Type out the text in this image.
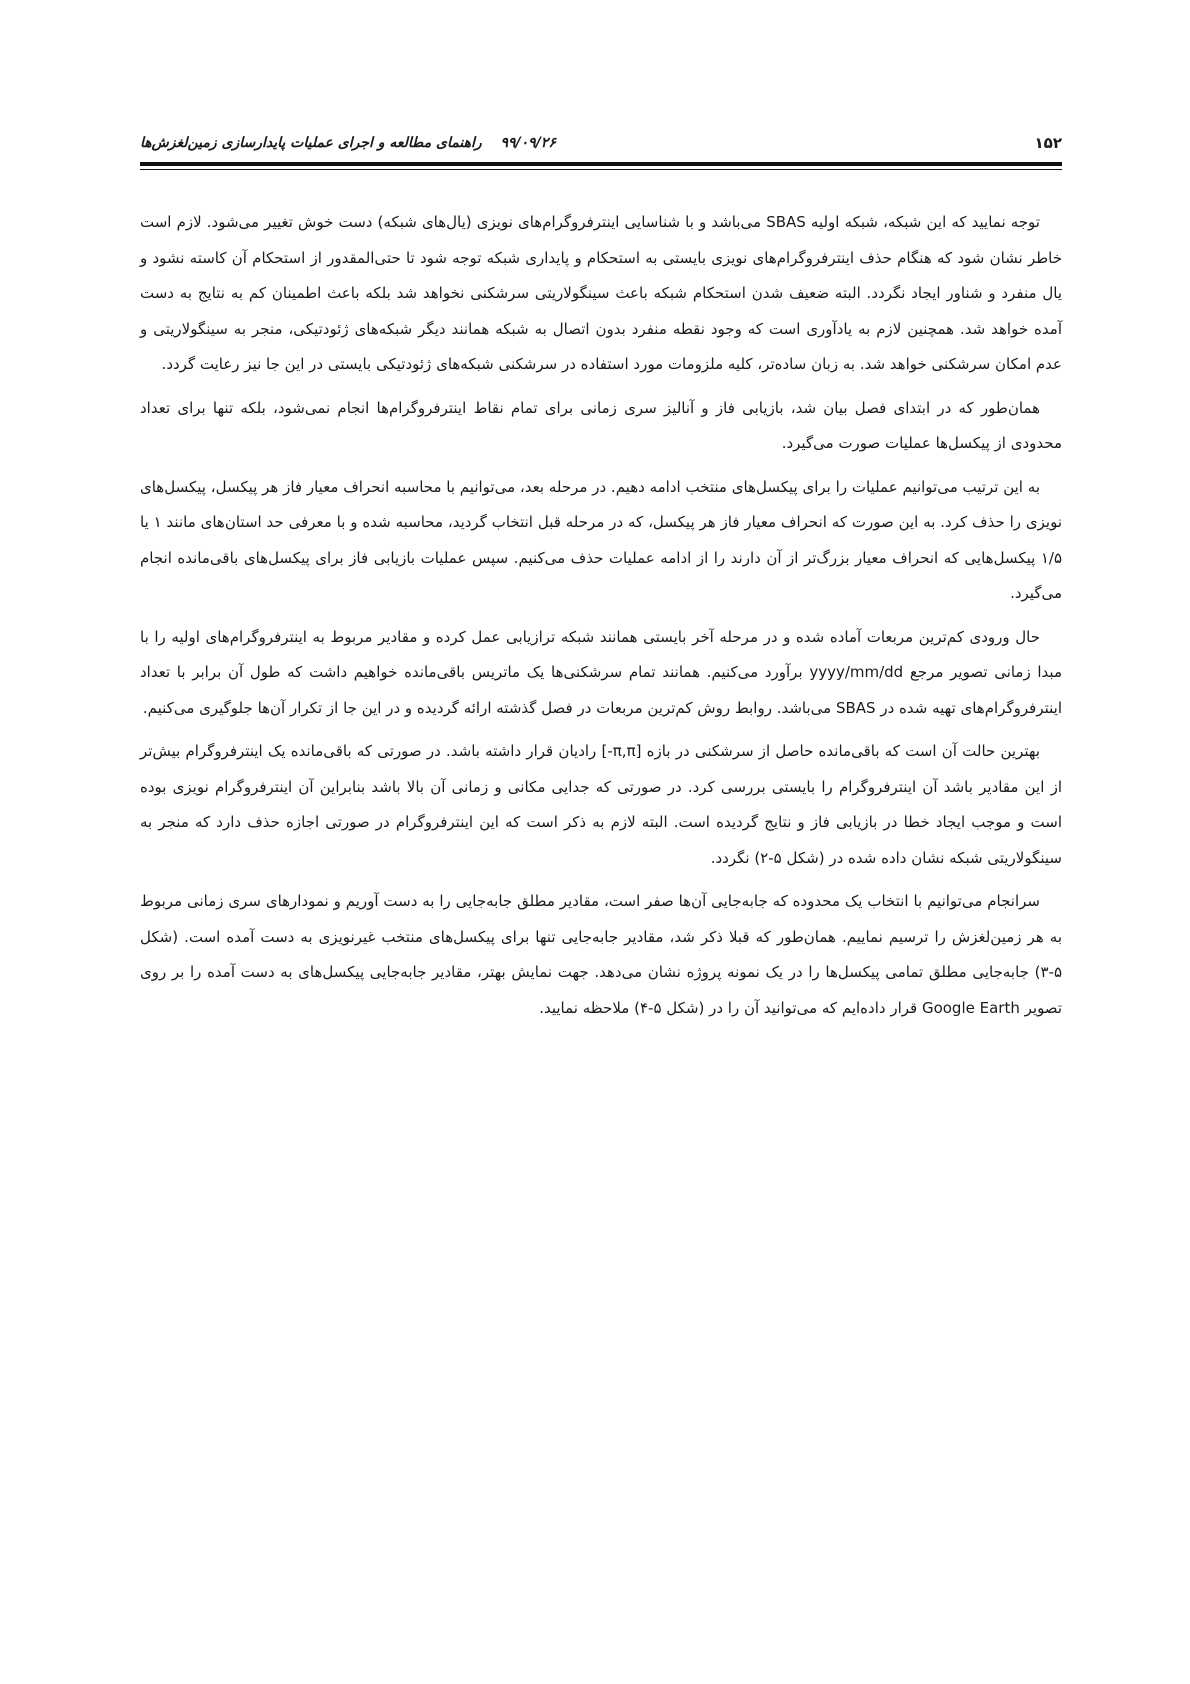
۱۵۲
۹۹/۰۹/۲۶ راهنمای مطالعه و اجرای عملیات پایدارسازی زمین‌لغزش‌ها

توجه نمایید که این شبکه، شبکه اولیه SBAS می‌باشد و با شناسایی اینترفروگرام‌های نویزی (یال‌های شبکه) دست خوش تغییر می‌شود. لازم است خاطر نشان شود که هنگام حذف اینترفروگرام‌های نویزی بایستی به استحکام و پایداری شبکه توجه شود تا حتی‌المقدور از استحکام آن کاسته نشود و یال منفرد و شناور ایجاد نگردد. البته ضعیف شدن استحکام شبکه باعث سینگولاریتی سرشکنی نخواهد شد بلکه باعث اطمینان کم به نتایج به دست آمده خواهد شد. همچنین لازم به یادآوری است که وجود نقطه منفرد بدون اتصال به شبکه همانند دیگر شبکه‌های ژئودتیکی، منجر به سینگولاریتی و عدم امکان سرشکنی خواهد شد. به زبان ساده‌تر، کلیه ملزومات مورد استفاده در سرشکنی شبکه‌های ژئودتیکی بایستی در این جا نیز رعایت گردد.

همان‌طور که در ابتدای فصل بیان شد، بازیابی فاز و آنالیز سری زمانی برای تمام نقاط اینترفروگرام‌ها انجام نمی‌شود، بلکه تنها برای تعداد محدودی از پیکسل‌ها عملیات صورت می‌گیرد.

به این ترتیب می‌توانیم عملیات را برای پیکسل‌های منتخب ادامه دهیم. در مرحله بعد، می‌توانیم با محاسبه انحراف معیار فاز هر پیکسل، پیکسل‌های نویزی را حذف کرد. به این صورت که انحراف معیار فاز هر پیکسل، که در مرحله قبل انتخاب گردید، محاسبه شده و با معرفی حد استان‌های مانند ۱ یا ۱/۵ پیکسل‌هایی که انحراف معیار بزرگ‌تر از آن دارند را از ادامه عملیات حذف می‌کنیم. سپس عملیات بازیابی فاز برای پیکسل‌های باقی‌مانده انجام می‌گیرد.

حال ورودی کم‌ترین مربعات آماده شده و در مرحله آخر بایستی همانند شبکه ترازیابی عمل کرده و مقادیر مربوط به اینترفروگرام‌های اولیه را با مبدا زمانی تصویر مرجع yyyy/mm/dd برآورد می‌کنیم. همانند تمام سرشکنی‌ها یک ماتریس باقی‌مانده خواهیم داشت که طول آن برابر با تعداد اینترفروگرام‌های تهیه شده در SBAS می‌باشد. روابط روش کم‌ترین مربعات در فصل گذشته ارائه گردیده و در این جا از تکرار آن‌ها جلوگیری می‌کنیم.

بهترین حالت آن است که باقی‌مانده حاصل از سرشکنی در بازه [π,π-] رادیان قرار داشته باشد. در صورتی که باقی‌مانده یک اینترفروگرام بیش‌تر از این مقادیر باشد آن اینترفروگرام را بایستی بررسی کرد. در صورتی که جدایی مکانی و زمانی آن بالا باشد بنابراین آن اینترفروگرام نویزی بوده است و موجب ایجاد خطا در بازیابی فاز و نتایج گردیده است. البته لازم به ذکر است که این اینترفروگرام در صورتی اجازه حذف دارد که منجر به سینگولاریتی شبکه نشان داده شده در (شکل ۵-۲) نگردد.

سرانجام می‌توانیم با انتخاب یک محدوده که جابه‌جایی آن‌ها صفر است، مقادیر مطلق جابه‌جایی را به دست آوریم و نمودارهای سری زمانی مربوط به هر زمین‌لغزش را ترسیم نماییم. همان‌طور که قبلا ذکر شد، مقادیر جابه‌جایی تنها برای پیکسل‌های منتخب غیرنویزی به دست آمده است. (شکل ۵-۳) جابه‌جایی مطلق تمامی پیکسل‌ها را در یک نمونه پروژه نشان می‌دهد. جهت نمایش بهتر، مقادیر جابه‌جایی پیکسل‌های به دست آمده را بر روی تصویر Google Earth قرار داده‌ایم که می‌توانید آن را در (شکل ۵-۴) ملاحظه نمایید.
